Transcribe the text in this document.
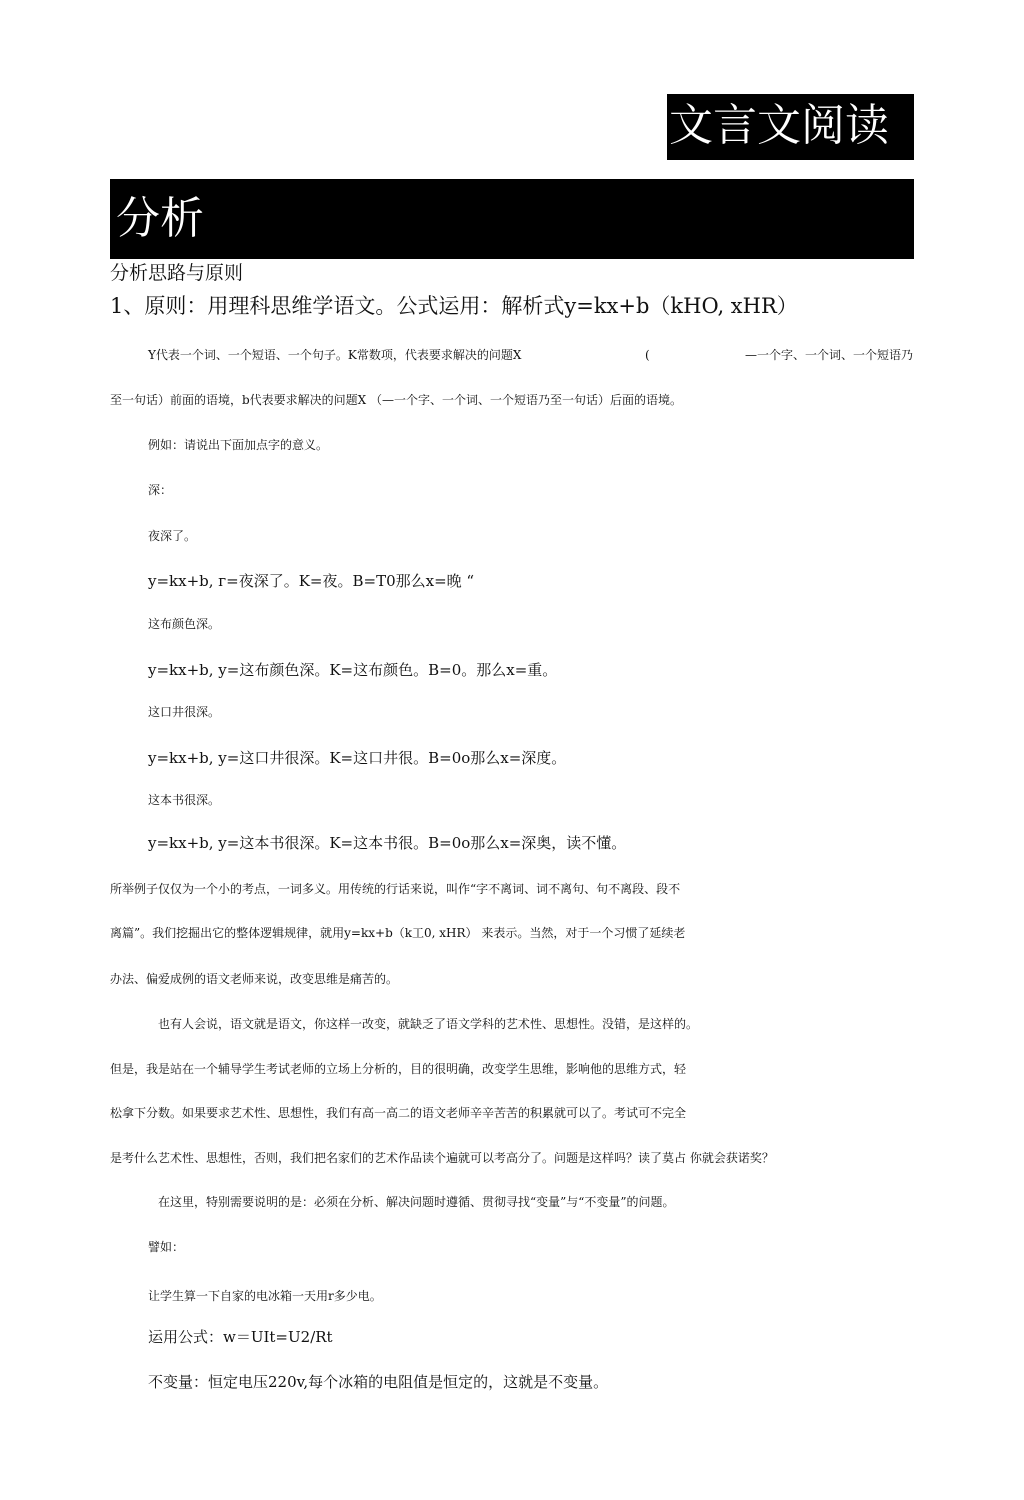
文言文阅读
分析
分析思路与原则
1、原则：用理科思维学语文。公式运用：解析式y=kx+b（kHO, xHR）
Y代表一个词、一个短语、一个句子。K常数项，代表要求解决的问题X	(	—一个字、一个词、一个短语乃
至一句话）前面的语境，b代表要求解决的问题X （—一个字、一个词、一个短语乃至一句话）后面的语境。
例如：请说出下面加点字的意义。
深：
夜深了。
y=kx+b, ᴦ=夜深了。K=夜。B=T0那么x=晚 “
这布颜色深。
y=kx+b, y=这布颜色深。K=这布颜色。B=0。那么x=重。
这口井很深。
y=kx+b, y=这口井很深。K=这口井很。B=0o那么x=深度。
这本书很深。
y=kx+b, y=这本书很深。K=这本书很。B=0o那么x=深奥，读不懂。
所举例子仅仅为一个小的考点，一词多义。用传统的行话来说，叫作“字不离词、词不离句、句不离段、段不
离篇”。我们挖掘出它的整体逻辑规律，就用y=kx+b（k工0, xHR） 来表示。当然，对于一个习惯了延续老
办法、偏爱成例的语文老师来说，改变思维是痛苦的。
也有人会说，语文就是语文，你这样一改变，就缺乏了语文学科的艺术性、思想性。没错，是这样的。
但是，我是站在一个辅导学生考试老师的立场上分析的，目的很明确，改变学生思维，影响他的思维方式，轻
松拿下分数。如果要求艺术性、思想性，我们有高一高二的语文老师辛辛苦苦的积累就可以了。考试可不完全
是考什么艺术性、思想性，否则，我们把名家们的艺术作品读个遍就可以考高分了。问题是这样吗？读了莫占 你就会获诺奖？
在这里，特别需要说明的是：必须在分析、解决问题时遵循、贯彻寻找“变量”与“不变量”的问题。
譬如：
让学生算一下自家的电冰箱一天用r多少电。
运用公式：w＝UIt=U2/Rt
不变量：恒定电压220v,每个冰箱的电阻值是恒定的，这就是不变量。
